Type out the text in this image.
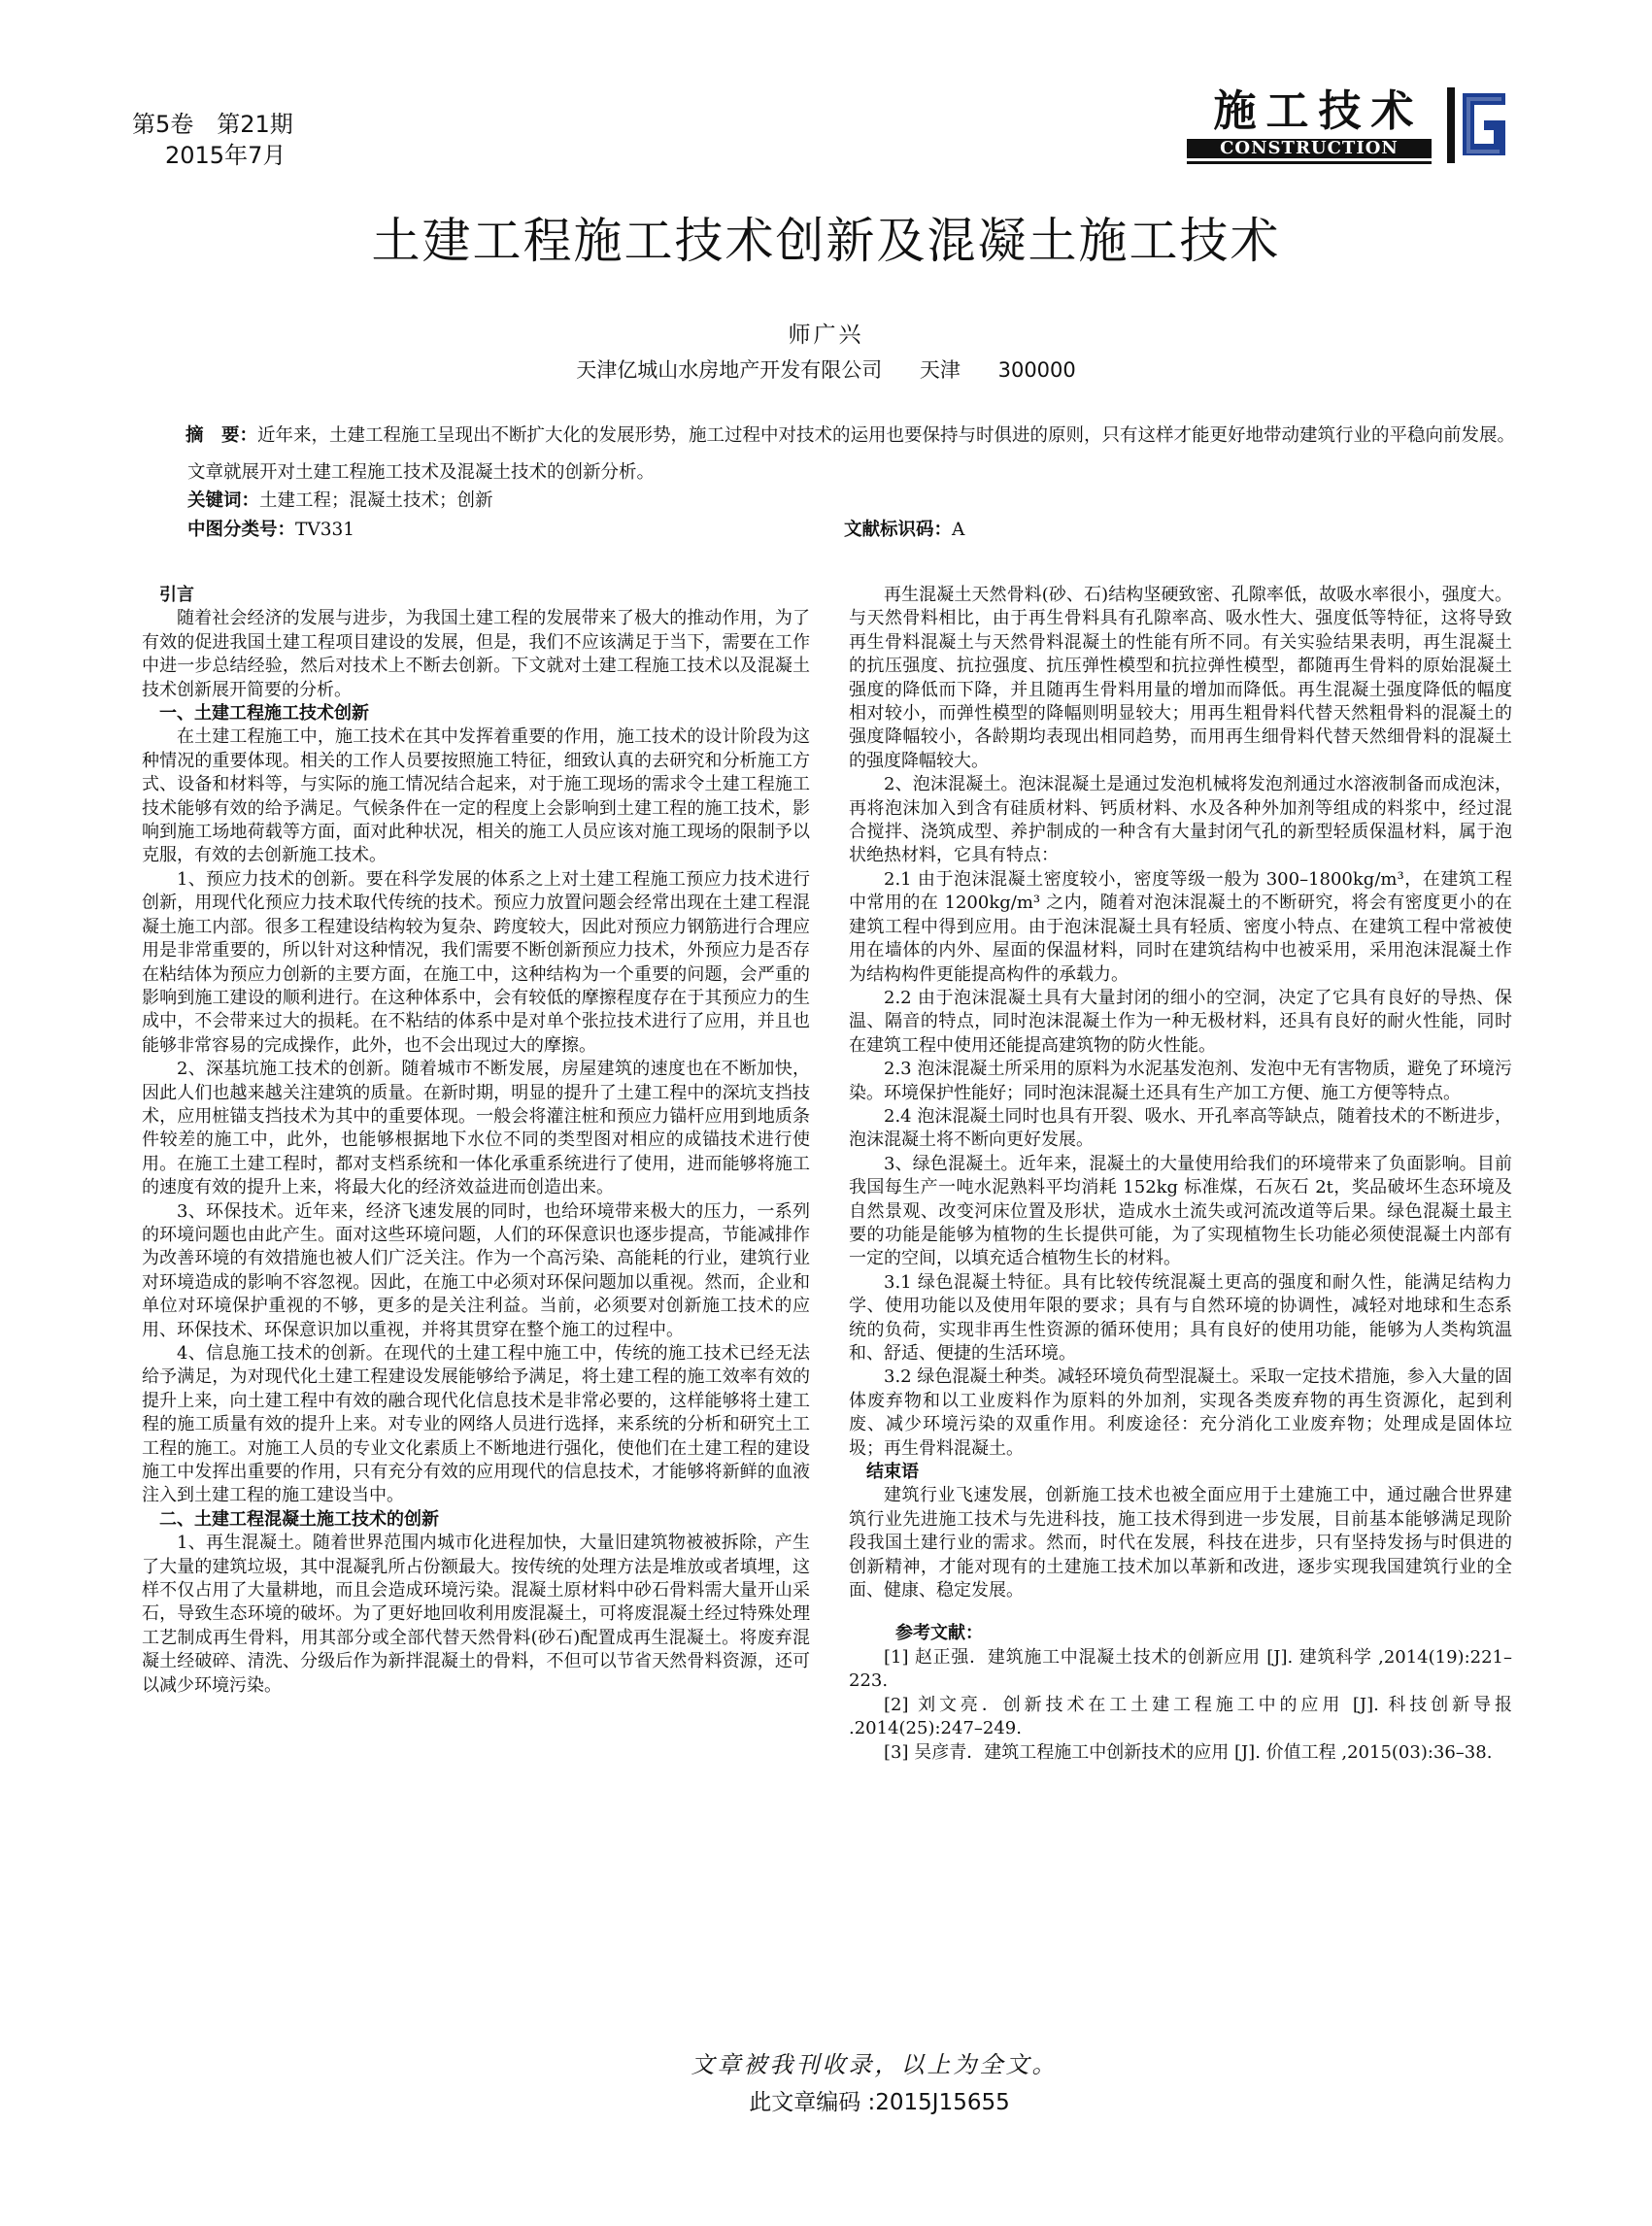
第5卷　第21期
2015年7月
施工技术
CONSTRUCTION
土建工程施工技术创新及混凝土施工技术
师广兴
天津亿城山水房地产开发有限公司 天津 300000
摘　要：近年来，土建工程施工呈现出不断扩大化的发展形势，施工过程中对技术的运用也要保持与时俱进的原则，只有这样才能更好地带动建筑行业的平稳向前发展。文章就展开对土建工程施工技术及混凝土技术的创新分析。
关键词：土建工程；混凝土技术；创新
中图分类号：TV331	文献标识码：A

引言

随着社会经济的发展与进步，为我国土建工程的发展带来了极大的推动作用，为了有效的促进我国土建工程项目建设的发展，但是，我们不应该满足于当下，需要在工作中进一步总结经验，然后对技术上不断去创新。下文就对土建工程施工技术以及混凝土技术创新展开简要的分析。

一、土建工程施工技术创新

在土建工程施工中，施工技术在其中发挥着重要的作用，施工技术的设计阶段为这种情况的重要体现。相关的工作人员要按照施工特征，细致认真的去研究和分析施工方式、设备和材料等，与实际的施工情况结合起来，对于施工现场的需求令土建工程施工技术能够有效的给予满足。气候条件在一定的程度上会影响到土建工程的施工技术，影响到施工场地荷载等方面，面对此种状况，相关的施工人员应该对施工现场的限制予以克服，有效的去创新施工技术。

1、预应力技术的创新。要在科学发展的体系之上对土建工程施工预应力技术进行创新，用现代化预应力技术取代传统的技术。预应力放置问题会经常出现在土建工程混凝土施工内部。很多工程建设结构较为复杂、跨度较大，因此对预应力钢筋进行合理应用是非常重要的，所以针对这种情况，我们需要不断创新预应力技术，外预应力是否存在粘结体为预应力创新的主要方面，在施工中，这种结构为一个重要的问题，会严重的影响到施工建设的顺利进行。在这种体系中，会有较低的摩擦程度存在于其预应力的生成中，不会带来过大的损耗。在不粘结的体系中是对单个张拉技术进行了应用，并且也能够非常容易的完成操作，此外，也不会出现过大的摩擦。

2、深基坑施工技术的创新。随着城市不断发展，房屋建筑的速度也在不断加快，因此人们也越来越关注建筑的质量。在新时期，明显的提升了土建工程中的深坑支挡技术，应用桩锚支挡技术为其中的重要体现。一般会将灌注桩和预应力锚杆应用到地质条件较差的施工中，此外，也能够根据地下水位不同的类型图对相应的成锚技术进行使用。在施工土建工程时，都对支档系统和一体化承重系统进行了使用，进而能够将施工的速度有效的提升上来，将最大化的经济效益进而创造出来。

3、环保技术。近年来，经济飞速发展的同时，也给环境带来极大的压力，一系列的环境问题也由此产生。面对这些环境问题，人们的环保意识也逐步提高，节能减排作为改善环境的有效措施也被人们广泛关注。作为一个高污染、高能耗的行业，建筑行业对环境造成的影响不容忽视。因此，在施工中必须对环保问题加以重视。然而，企业和单位对环境保护重视的不够，更多的是关注利益。当前，必须要对创新施工技术的应用、环保技术、环保意识加以重视，并将其贯穿在整个施工的过程中。

4、信息施工技术的创新。在现代的土建工程中施工中，传统的施工技术已经无法给予满足，为对现代化土建工程建设发展能够给予满足，将土建工程的施工效率有效的提升上来，向土建工程中有效的融合现代化信息技术是非常必要的，这样能够将土建工程的施工质量有效的提升上来。对专业的网络人员进行选择，来系统的分析和研究土工工程的施工。对施工人员的专业文化素质上不断地进行强化，使他们在土建工程的建设施工中发挥出重要的作用，只有充分有效的应用现代的信息技术，才能够将新鲜的血液注入到土建工程的施工建设当中。

二、土建工程混凝土施工技术的创新

1、再生混凝土。随着世界范围内城市化进程加快，大量旧建筑物被被拆除，产生了大量的建筑垃圾，其中混凝乳所占份额最大。按传统的处理方法是堆放或者填埋，这样不仅占用了大量耕地，而且会造成环境污染。混凝土原材料中砂石骨料需大量开山采石，导致生态环境的破坏。为了更好地回收利用废混凝土，可将废混凝土经过特殊处理工艺制成再生骨料，用其部分或全部代替天然骨料(砂石)配置成再生混凝土。将废弃混凝土经破碎、清洗、分级后作为新拌混凝土的骨料，不但可以节省天然骨料资源，还可以减少环境污染。

再生混凝土天然骨料(砂、石)结构坚硬致密、孔隙率低，故吸水率很小，强度大。与天然骨料相比，由于再生骨料具有孔隙率高、吸水性大、强度低等特征，这将导致再生骨料混凝土与天然骨料混凝土的性能有所不同。有关实验结果表明，再生混凝土的抗压强度、抗拉强度、抗压弹性模型和抗拉弹性模型，都随再生骨料的原始混凝土强度的降低而下降，并且随再生骨料用量的增加而降低。再生混凝土强度降低的幅度相对较小，而弹性模型的降幅则明显较大；用再生粗骨料代替天然粗骨料的混凝土的强度降幅较小，各龄期均表现出相同趋势，而用再生细骨料代替天然细骨料的混凝土的强度降幅较大。

2、泡沫混凝土。泡沫混凝土是通过发泡机械将发泡剂通过水溶液制备而成泡沫，再将泡沫加入到含有硅质材料、钙质材料、水及各种外加剂等组成的料浆中，经过混合搅拌、浇筑成型、养护制成的一种含有大量封闭气孔的新型轻质保温材料，属于泡状绝热材料，它具有特点：

2.1 由于泡沫混凝土密度较小，密度等级一般为 300–1800kg/m³，在建筑工程中常用的在 1200kg/m³ 之内，随着对泡沫混凝土的不断研究，将会有密度更小的在建筑工程中得到应用。由于泡沫混凝土具有轻质、密度小特点、在建筑工程中常被使用在墙体的内外、屋面的保温材料，同时在建筑结构中也被采用，采用泡沫混凝土作为结构构件更能提高构件的承载力。

2.2 由于泡沫混凝土具有大量封闭的细小的空洞，决定了它具有良好的导热、保温、隔音的特点，同时泡沫混凝土作为一种无极材料，还具有良好的耐火性能，同时在建筑工程中使用还能提高建筑物的防火性能。

2.3 泡沫混凝土所采用的原料为水泥基发泡剂、发泡中无有害物质，避免了环境污染。环境保护性能好；同时泡沫混凝土还具有生产加工方便、施工方便等特点。

2.4 泡沫混凝土同时也具有开裂、吸水、开孔率高等缺点，随着技术的不断进步，泡沫混凝土将不断向更好发展。

3、绿色混凝土。近年来，混凝土的大量使用给我们的环境带来了负面影响。目前我国每生产一吨水泥熟料平均消耗 152kg 标准煤，石灰石 2t，奖品破坏生态环境及自然景观、改变河床位置及形状，造成水土流失或河流改道等后果。绿色混凝土最主要的功能是能够为植物的生长提供可能，为了实现植物生长功能必须使混凝土内部有一定的空间，以填充适合植物生长的材料。

3.1 绿色混凝土特征。具有比较传统混凝土更高的强度和耐久性，能满足结构力学、使用功能以及使用年限的要求；具有与自然环境的协调性，减轻对地球和生态系统的负荷，实现非再生性资源的循环使用；具有良好的使用功能，能够为人类构筑温和、舒适、便捷的生活环境。

3.2 绿色混凝土种类。减轻环境负荷型混凝土。采取一定技术措施，参入大量的固体废弃物和以工业废料作为原料的外加剂，实现各类废弃物的再生资源化，起到利废、减少环境污染的双重作用。利废途径：充分消化工业废弃物；处理成是固体垃圾；再生骨料混凝土。

结束语

建筑行业飞速发展，创新施工技术也被全面应用于土建施工中，通过融合世界建筑行业先进施工技术与先进科技，施工技术得到进一步发展，目前基本能够满足现阶段我国土建行业的需求。然而，时代在发展，科技在进步，只有坚持发扬与时俱进的创新精神，才能对现有的土建施工技术加以革新和改进，逐步实现我国建筑行业的全面、健康、稳定发展。

参考文献：

[1] 赵正强．建筑施工中混凝土技术的创新应用 [J]. 建筑科学 ,2014(19):221–223.

[2] 刘文亮．创新技术在工土建工程施工中的应用 [J]. 科技创新导报 .2014(25):247–249.

[3] 吴彦青．建筑工程施工中创新技术的应用 [J]. 价值工程 ,2015(03):36–38.

文章被我刊收录，以上为全文。
此文章编码 :2015J15655
